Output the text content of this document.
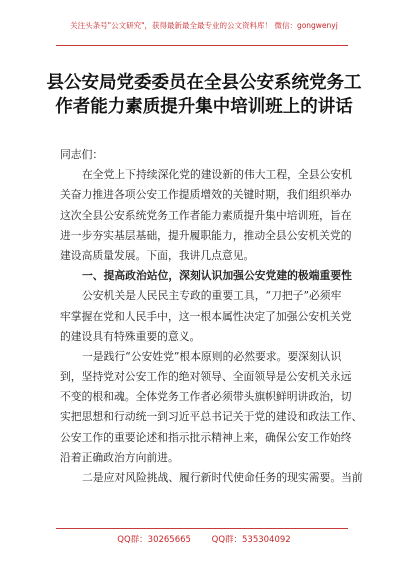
关注头条号"公文研究"，获得最新最全最专业的公文资料库！ 微信：gongwenyj
县公安局党委委员在全县公安系统党务工
作者能力素质提升集中培训班上的讲话
同志们：
在全党上下持续深化党的建设新的伟大工程，全县公安机
关奋力推进各项公安工作提质增效的关键时期，我们组织举办
这次全县公安系统党务工作者能力素质提升集中培训班，旨在
进一步夯实基层基础，提升履职能力，推动全县公安机关党的
建设高质量发展。下面，我讲几点意见。
一、提高政治站位，深刻认识加强公安党建的极端重要性
公安机关是人民民主专政的重要工具，“刀把子”必须牢
牢掌握在党和人民手中，这一根本属性决定了加强公安机关党
的建设具有特殊重要的意义。
一是践行“公安姓党”根本原则的必然要求。要深刻认识
到，坚持党对公安工作的绝对领导、全面领导是公安机关永远
不变的根和魂。全体党务工作者必须带头旗帜鲜明讲政治，切
实把思想和行动统一到习近平总书记关于党的建设和政法工作、
公安工作的重要论述和指示批示精神上来，确保公安工作始终
沿着正确政治方向前进。
二是应对风险挑战、履行新时代使命任务的现实需要。当前
QQ群：30265665 QQ群：535304092
